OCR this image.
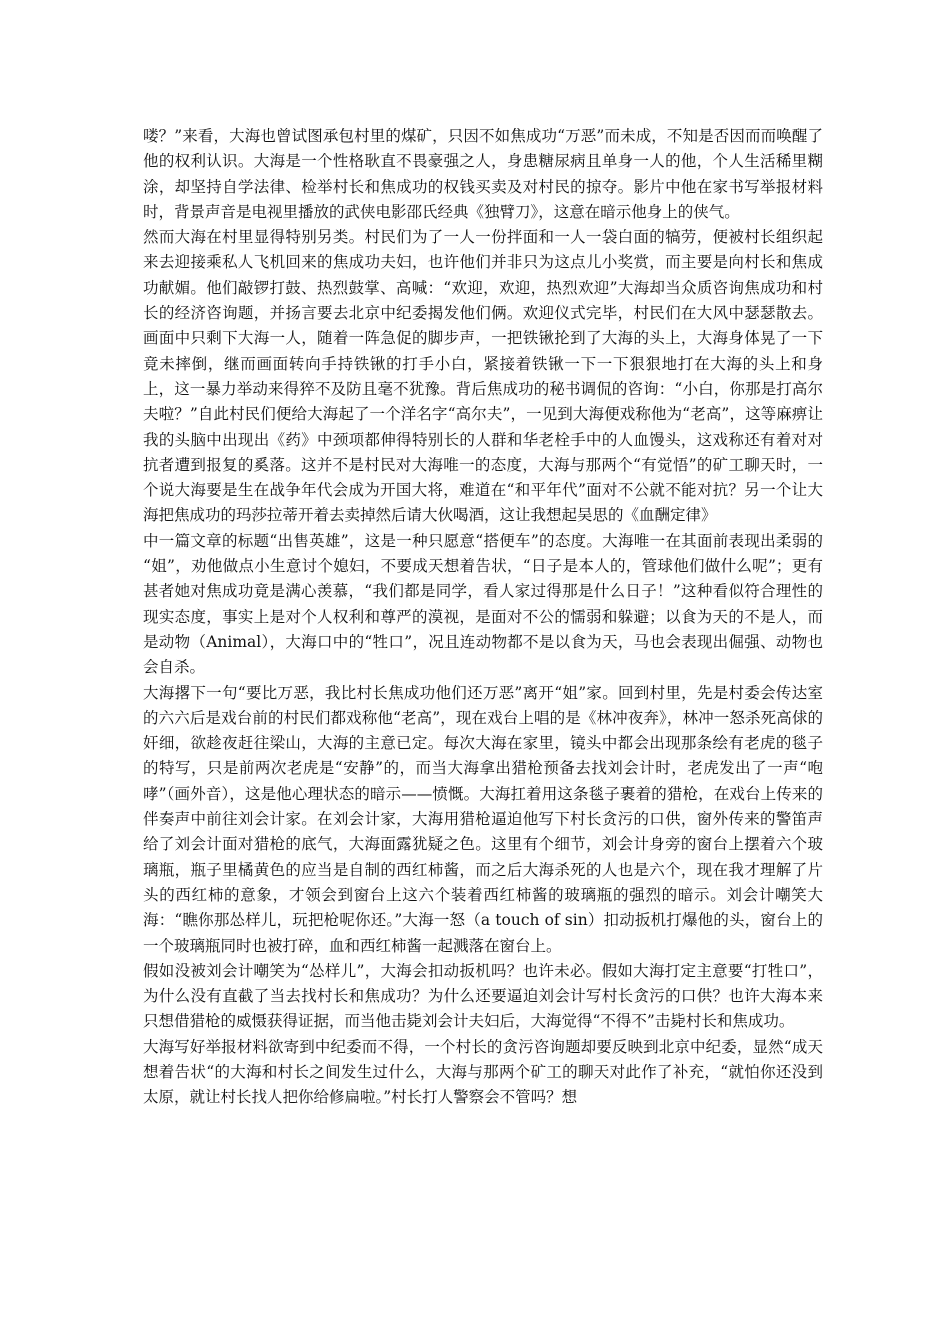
喽？”来看，大海也曾试图承包村里的煤矿，只因不如焦成功“万恶”而未成，不知是否因而而唤醒了他的权利认识。大海是一个性格耿直不畏豪强之人，身患糖尿病且单身一人的他，个人生活稀里糊涂，却坚持自学法律、检举村长和焦成功的权钱买卖及对村民的掠夺。影片中他在家书写举报材料时，背景声音是电视里播放的武侠电影邵氏经典《独臂刀》，这意在暗示他身上的侠气。

然而大海在村里显得特别另类。村民们为了一人一份拌面和一人一袋白面的犒劳，便被村长组织起来去迎接乘私人飞机回来的焦成功夫妇，也许他们并非只为这点儿小奖赏，而主要是向村长和焦成功献媚。他们敲锣打鼓、热烈鼓掌、高喊：“欢迎，欢迎，热烈欢迎”大海却当众质咨询焦成功和村长的经济咨询题，并扬言要去北京中纪委揭发他们俩。欢迎仪式完毕，村民们在大风中瑟瑟散去。画面中只剩下大海一人，随着一阵急促的脚步声，一把铁锹抡到了大海的头上，大海身体晃了一下竟未摔倒，继而画面转向手持铁锹的打手小白，紧接着铁锹一下一下狠狠地打在大海的头上和身上，这一暴力举动来得猝不及防且毫不犹豫。背后焦成功的秘书调侃的咨询：“小白，你那是打高尔夫啦？”自此村民们便给大海起了一个洋名字“高尔夫”，一见到大海便戏称他为“老高”，这等麻痹让我的头脑中出现出《药》中颈项都伸得特别长的人群和华老栓手中的人血馒头，这戏称还有着对对抗者遭到报复的奚落。这并不是村民对大海唯一的态度，大海与那两个“有觉悟”的矿工聊天时，一个说大海要是生在战争年代会成为开国大将，难道在“和平年代”面对不公就不能对抗？另一个让大海把焦成功的玛莎拉蒂开着去卖掉然后请大伙喝酒，这让我想起吴思的《血酬定律》

中一篇文章的标题“出售英雄”，这是一种只愿意“搭便车”的态度。大海唯一在其面前表现出柔弱的 “姐”，劝他做点小生意讨个媳妇，不要成天想着告状，“日子是本人的，管球他们做什么呢”；更有甚者她对焦成功竟是满心羡慕，“我们都是同学，看人家过得那是什么日子！”这种看似符合理性的现实态度，事实上是对个人权利和尊严的漠视，是面对不公的懦弱和躲避；以食为天的不是人，而是动物（Animal），大海口中的“牲口”，况且连动物都不是以食为天，马也会表现出倔强、动物也会自杀。

大海撂下一句“要比万恶，我比村长焦成功他们还万恶”离开“姐”家。回到村里，先是村委会传达室的六六后是戏台前的村民们都戏称他“老高”，现在戏台上唱的是《林冲夜奔》，林冲一怒杀死高俅的奸细，欲趁夜赶往梁山，大海的主意已定。每次大海在家里，镜头中都会出现那条绘有老虎的毯子的特写，只是前两次老虎是“安静”的，而当大海拿出猎枪预备去找刘会计时，老虎发出了一声“咆哮”（画外音），这是他心理状态的暗示——愤慨。大海扛着用这条毯子裹着的猎枪，在戏台上传来的伴奏声中前往刘会计家。在刘会计家，大海用猎枪逼迫他写下村长贪污的口供，窗外传来的警笛声给了刘会计面对猎枪的底气，大海面露犹疑之色。这里有个细节，刘会计身旁的窗台上摆着六个玻璃瓶，瓶子里橘黄色的应当是自制的西红柿酱，而之后大海杀死的人也是六个，现在我才理解了片头的西红柿的意象，才领会到窗台上这六个装着西红柿酱的玻璃瓶的强烈的暗示。刘会计嘲笑大海：“瞧你那怂样儿，玩把枪呢你还。”大海一怒（a touch of sin）扣动扳机打爆他的头，窗台上的一个玻璃瓶同时也被打碎，血和西红柿酱一起溅落在窗台上。

假如没被刘会计嘲笑为“怂样儿”，大海会扣动扳机吗？也许未必。假如大海打定主意要“打牲口”，为什么没有直截了当去找村长和焦成功？为什么还要逼迫刘会计写村长贪污的口供？也许大海本来只想借猎枪的威慑获得证据，而当他击毙刘会计夫妇后，大海觉得“不得不”击毙村长和焦成功。

大海写好举报材料欲寄到中纪委而不得，一个村长的贪污咨询题却要反映到北京中纪委，显然“成天想着告状“的大海和村长之间发生过什么，大海与那两个矿工的聊天对此作了补充，“就怕你还没到太原，就让村长找人把你给修扁啦。”村长打人警察会不管吗？想
